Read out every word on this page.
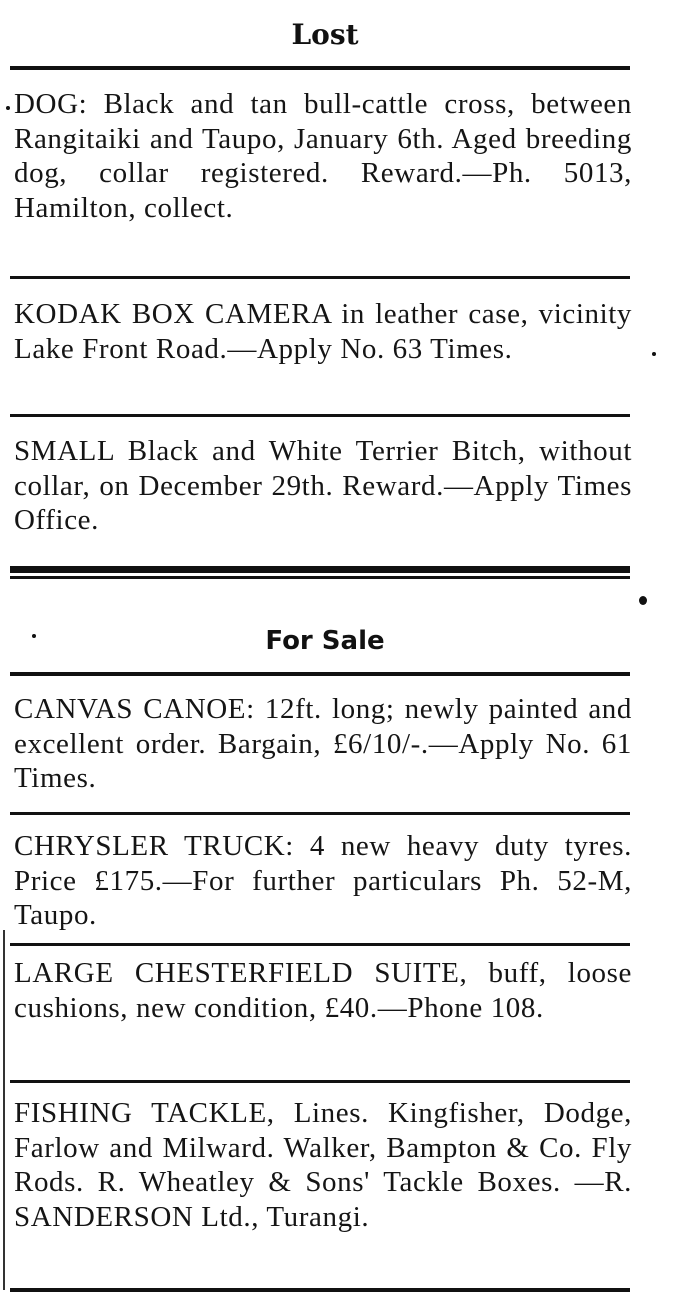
Lost

DOG: Black and tan bull-cattle cross, between Rangitaiki and Taupo, January 6th. Aged breeding dog, collar registered. Reward.—Ph. 5013, Hamilton, collect.

KODAK BOX CAMERA in leather case, vicinity Lake Front Road.—Apply No. 63 Times.

SMALL Black and White Terrier Bitch, without collar, on December 29th. Reward.—Apply Times Office.

For Sale

CANVAS CANOE: 12ft. long; newly painted and excellent order. Bargain, £6/10/-.—Apply No. 61 Times.

CHRYSLER TRUCK: 4 new heavy duty tyres. Price £175.—For further particulars Ph. 52-M, Taupo.

LARGE CHESTERFIELD SUITE, buff, loose cushions, new condition, £40.—Phone 108.

FISHING TACKLE, Lines. Kingfisher, Dodge, Farlow and Milward. Walker, Bampton & Co. Fly Rods. R. Wheatley & Sons' Tackle Boxes. —R. SANDERSON Ltd., Turangi.
